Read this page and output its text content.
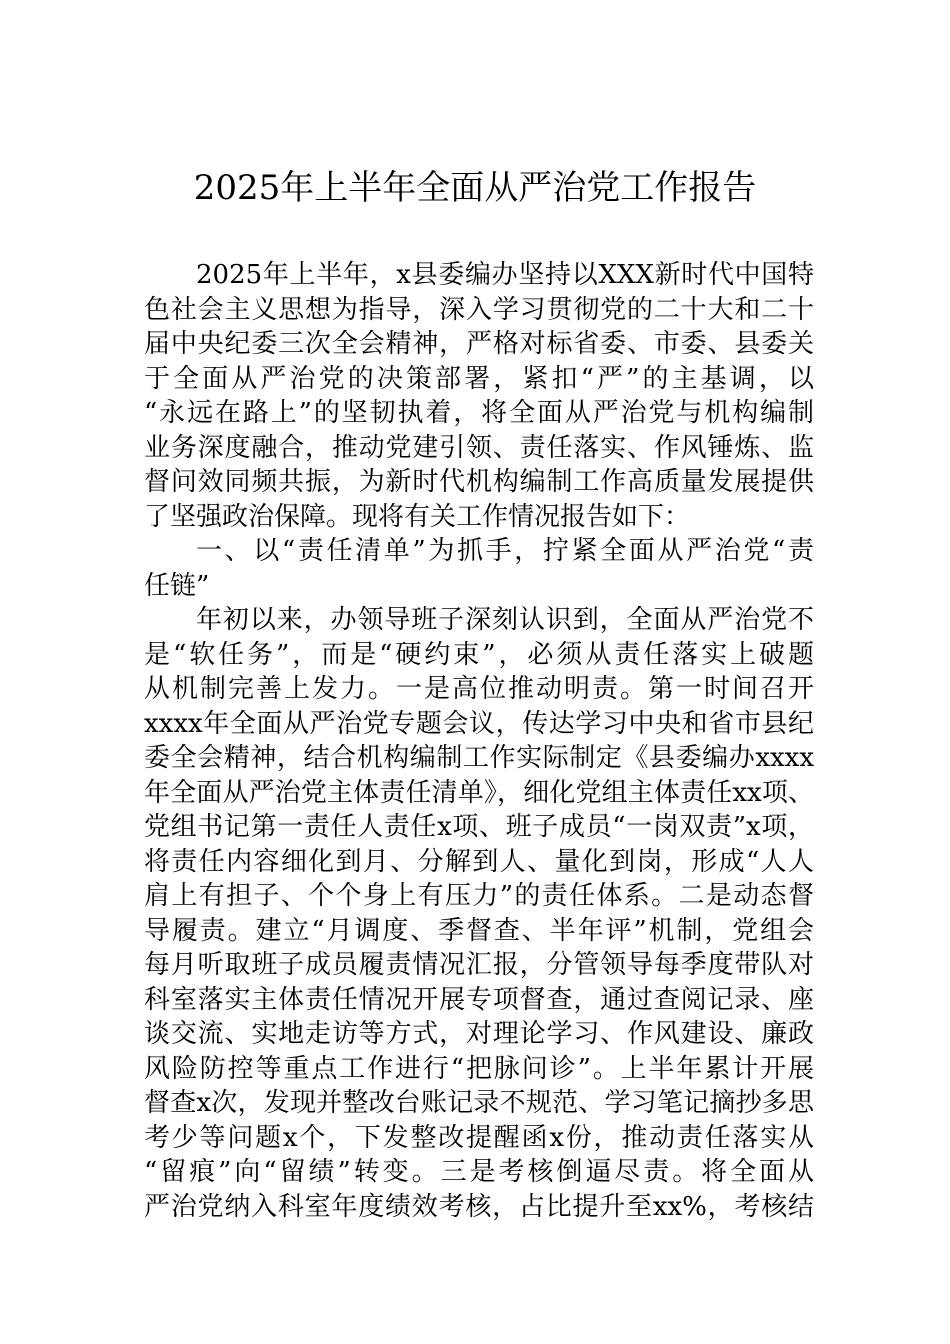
2025年上半年全面从严治党工作报告
2025年上半年，x县委编办坚持以XXX新时代中国特
色社会主义思想为指导，深入学习贯彻党的二十大和二十
届中央纪委三次全会精神，严格对标省委、市委、县委关
于全面从严治党的决策部署，紧扣“严”的主基调，以
“永远在路上”的坚韧执着，将全面从严治党与机构编制
业务深度融合，推动党建引领、责任落实、作风锤炼、监
督问效同频共振，为新时代机构编制工作高质量发展提供
了坚强政治保障。现将有关工作情况报告如下：
一、以“责任清单”为抓手，拧紧全面从严治党“责
任链”
年初以来，办领导班子深刻认识到，全面从严治党不
是“软任务”，而是“硬约束”，必须从责任落实上破题
从机制完善上发力。一是高位推动明责。第一时间召开
xxxx年全面从严治党专题会议，传达学习中央和省市县纪
委全会精神，结合机构编制工作实际制定《县委编办xxxx
年全面从严治党主体责任清单》，细化党组主体责任xx项、
党组书记第一责任人责任x项、班子成员“一岗双责”x项，
将责任内容细化到月、分解到人、量化到岗，形成“人人
肩上有担子、个个身上有压力”的责任体系。二是动态督
导履责。建立“月调度、季督查、半年评”机制，党组会
每月听取班子成员履责情况汇报，分管领导每季度带队对
科室落实主体责任情况开展专项督查，通过查阅记录、座
谈交流、实地走访等方式，对理论学习、作风建设、廉政
风险防控等重点工作进行“把脉问诊”。上半年累计开展
督查x次，发现并整改台账记录不规范、学习笔记摘抄多思
考少等问题x个，下发整改提醒函x份，推动责任落实从
“留痕”向“留绩”转变。三是考核倒逼尽责。将全面从
严治党纳入科室年度绩效考核，占比提升至xx%，考核结
